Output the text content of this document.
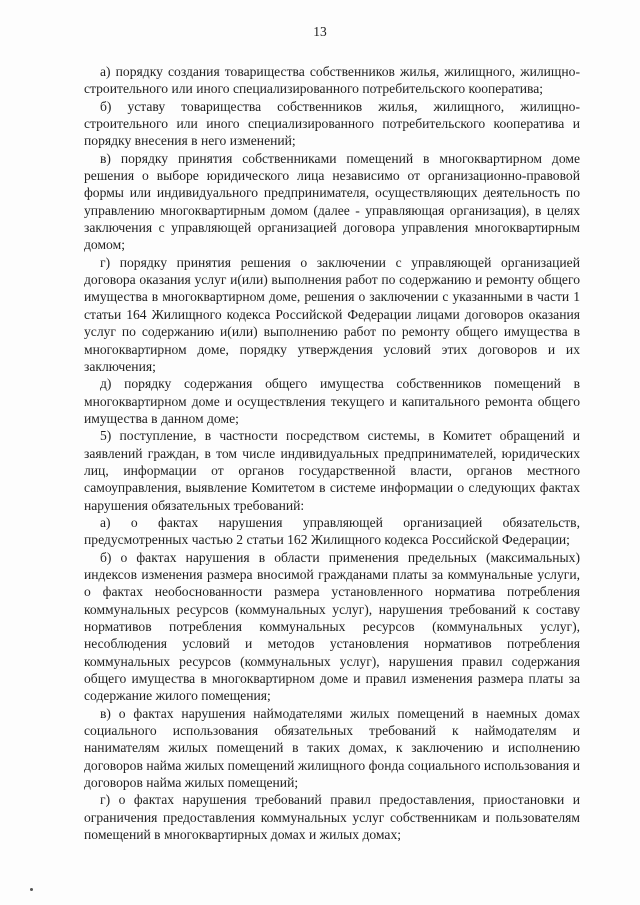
13

а) порядку создания товарищества собственников жилья, жилищного, жилищно-строительного или иного специализированного потребительского кооператива;

б) уставу товарищества собственников жилья, жилищного, жилищно-строительного или иного специализированного потребительского кооператива и порядку внесения в него изменений;

в) порядку принятия собственниками помещений в многоквартирном доме решения о выборе юридического лица независимо от организационно-правовой формы или индивидуального предпринимателя, осуществляющих деятельность по управлению многоквартирным домом (далее - управляющая организация), в целях заключения с управляющей организацией договора управления многоквартирным домом;

г) порядку принятия решения о заключении с управляющей организацией договора оказания услуг и(или) выполнения работ по содержанию и ремонту общего имущества в многоквартирном доме, решения о заключении с указанными в части 1 статьи 164 Жилищного кодекса Российской Федерации лицами договоров оказания услуг по содержанию и(или) выполнению работ по ремонту общего имущества в многоквартирном доме, порядку утверждения условий этих договоров и их заключения;

д) порядку содержания общего имущества собственников помещений в многоквартирном доме и осуществления текущего и капитального ремонта общего имущества в данном доме;

5) поступление, в частности посредством системы, в Комитет обращений и заявлений граждан, в том числе индивидуальных предпринимателей, юридических лиц, информации от органов государственной власти, органов местного самоуправления, выявление Комитетом в системе информации о следующих фактах нарушения обязательных требований:

а) о фактах нарушения управляющей организацией обязательств, предусмотренных частью 2 статьи 162 Жилищного кодекса Российской Федерации;

б) о фактах нарушения в области применения предельных (максимальных) индексов изменения размера вносимой гражданами платы за коммунальные услуги, о фактах необоснованности размера установленного норматива потребления коммунальных ресурсов (коммунальных услуг), нарушения требований к составу нормативов потребления коммунальных ресурсов (коммунальных услуг), несоблюдения условий и методов установления нормативов потребления коммунальных ресурсов (коммунальных услуг), нарушения правил содержания общего имущества в многоквартирном доме и правил изменения размера платы за содержание жилого помещения;

в) о фактах нарушения наймодателями жилых помещений в наемных домах социального использования обязательных требований к наймодателям и нанимателям жилых помещений в таких домах, к заключению и исполнению договоров найма жилых помещений жилищного фонда социального использования и договоров найма жилых помещений;

г) о фактах нарушения требований правил предоставления, приостановки и ограничения предоставления коммунальных услуг собственникам и пользователям помещений в многоквартирных домах и жилых домах;
